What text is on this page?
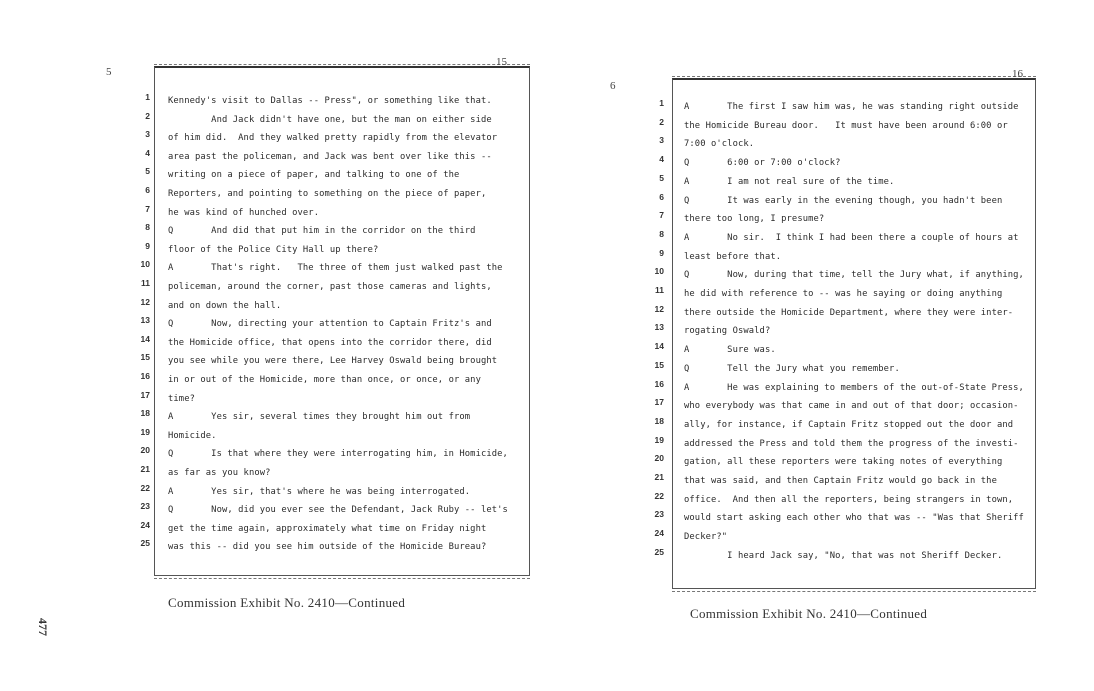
5
15
1 Kennedy's visit to Dallas -- Press", or something like that.
2 And Jack didn't have one, but the man on either side
3 of him did.  And they walked pretty rapidly from the elevator
4 area past the policeman, and Jack was bent over like this --
5 writing on a piece of paper, and talking to one of the
6 Reporters, and pointing to something on the piece of paper,
7 he was kind of hunched over.
8 Q       And did that put him in the corridor on the third
9 floor of the Police City Hall up there?
10 A       That's right.   The three of them just walked past the
11 policeman, around the corner, past those cameras and lights,
12 and on down the hall.
13 Q       Now, directing your attention to Captain Fritz's and
14 the Homicide office, that opens into the corridor there, did
15 you see while you were there, Lee Harvey Oswald being brought
16 in or out of the Homicide, more than once, or once, or any
17 time?
18 A       Yes sir, several times they brought him out from
19 Homicide.
20 Q       Is that where they were interrogating him, in Homicide,
21 as far as you know?
22 A       Yes sir, that's where he was being interrogated.
23 Q       Now, did you ever see the Defendant, Jack Ruby -- let's
24 get the time again, approximately what time on Friday night
25 was this -- did you see him outside of the Homicide Bureau?
Commission Exhibit No. 2410—Continued
6
16
1 A       The first I saw him was, he was standing right outside
2 the Homicide Bureau door.   It must have been around 6:00 or
3 7:00 o'clock.
4 Q       6:00 or 7:00 o'clock?
5 A       I am not real sure of the time.
6 Q       It was early in the evening though, you hadn't been
7 there too long, I presume?
8 A       No sir.  I think I had been there a couple of hours at
9 least before that.
10 Q       Now, during that time, tell the Jury what, if anything,
11 he did with reference to -- was he saying or doing anything
12 there outside the Homicide Department, where they were inter-
13 rogating Oswald?
14 A       Sure was.
15 Q       Tell the Jury what you remember.
16 A       He was explaining to members of the out-of-State Press,
17 who everybody was that came in and out of that door; occasion-
18 ally, for instance, if Captain Fritz stopped out the door and
19 addressed the Press and told them the progress of the investi-
20 gation, all these reporters were taking notes of everything
21 that was said, and then Captain Fritz would go back in the
22 office.  And then all the reporters, being strangers in town,
23 would start asking each other who that was -- "Was that Sheriff
24 Decker?"
25 I heard Jack say, "No, that was not Sheriff Decker.
Commission Exhibit No. 2410—Continued
477
